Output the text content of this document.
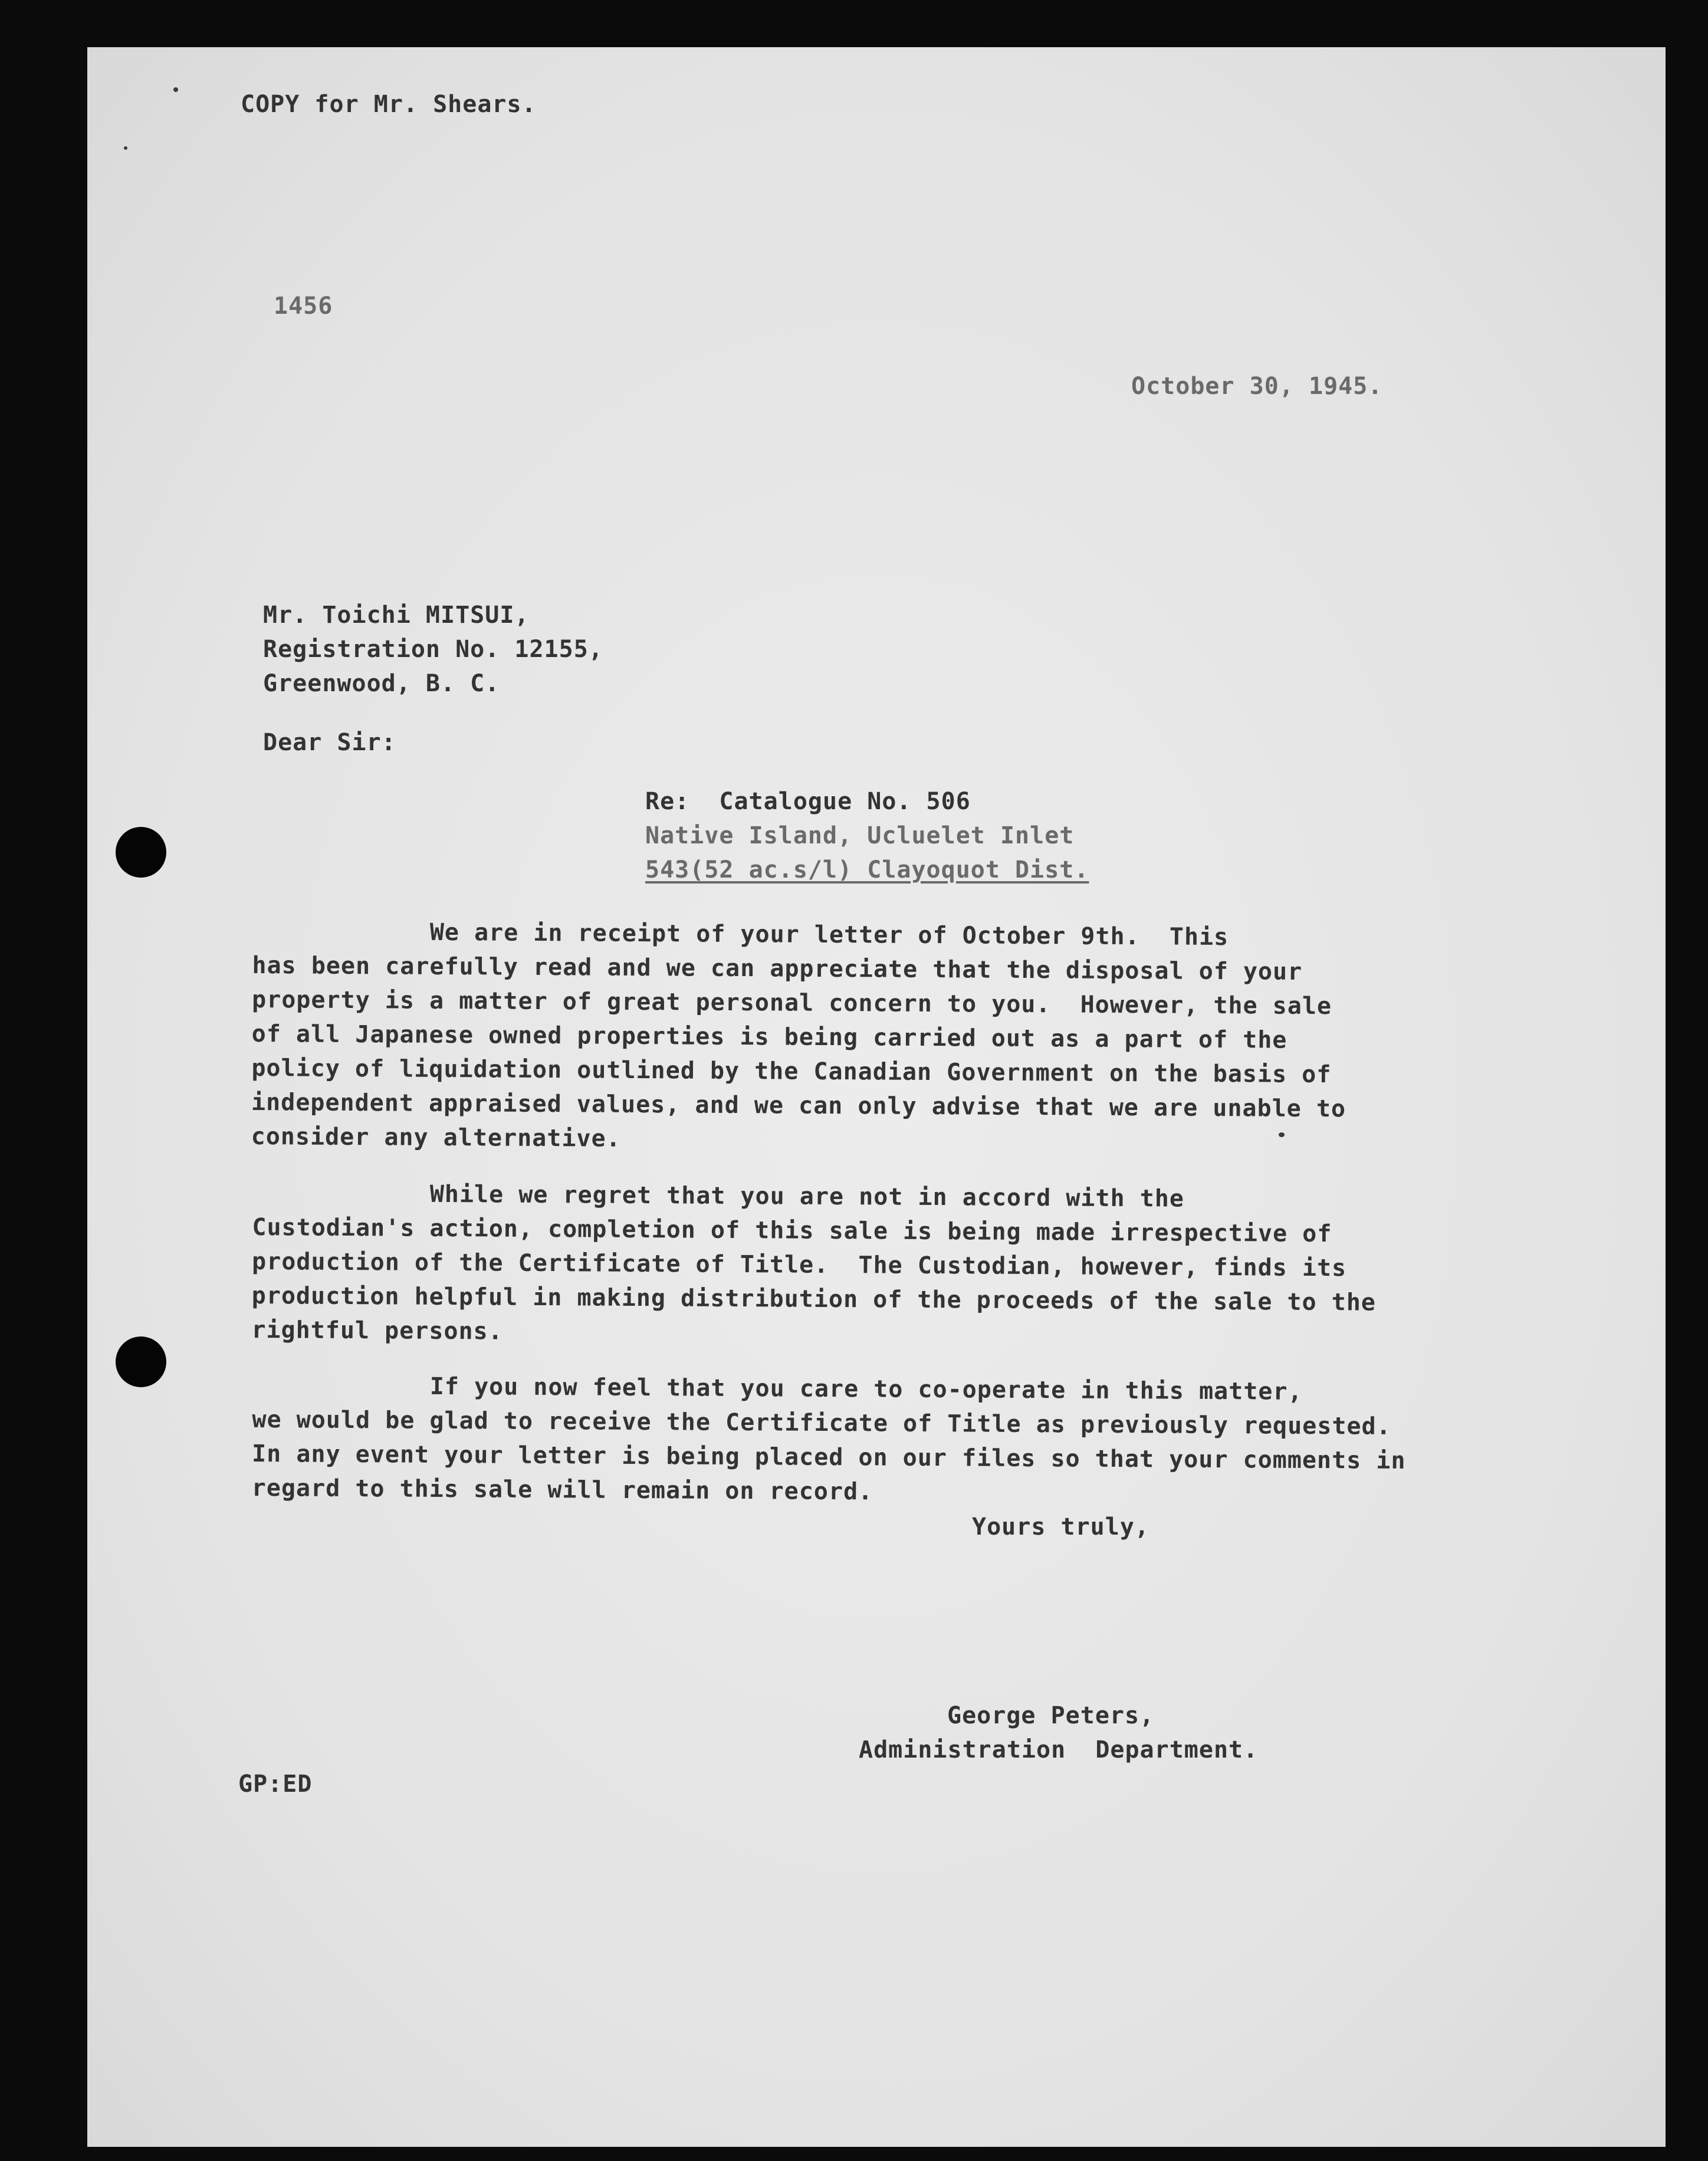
COPY for Mr. Shears.
1456
October 30, 1945.
Mr. Toichi MITSUI,
Registration No. 12155,
Greenwood, B. C.
Dear Sir:
Re:  Catalogue No. 506
Native Island, Ucluelet Inlet
543(52 ac.s/l) Clayoquot Dist.
We are in receipt of your letter of October 9th.  This
has been carefully read and we can appreciate that the disposal of your
property is a matter of great personal concern to you.  However, the sale
of all Japanese owned properties is being carried out as a part of the
policy of liquidation outlined by the Canadian Government on the basis of
independent appraised values, and we can only advise that we are unable to
consider any alternative.
While we regret that you are not in accord with the
Custodian's action, completion of this sale is being made irrespective of
production of the Certificate of Title.  The Custodian, however, finds its
production helpful in making distribution of the proceeds of the sale to the
rightful persons.
If you now feel that you care to co-operate in this matter,
we would be glad to receive the Certificate of Title as previously requested.
In any event your letter is being placed on our files so that your comments in
regard to this sale will remain on record.
Yours truly,
George Peters,
Administration  Department.
GP:ED
